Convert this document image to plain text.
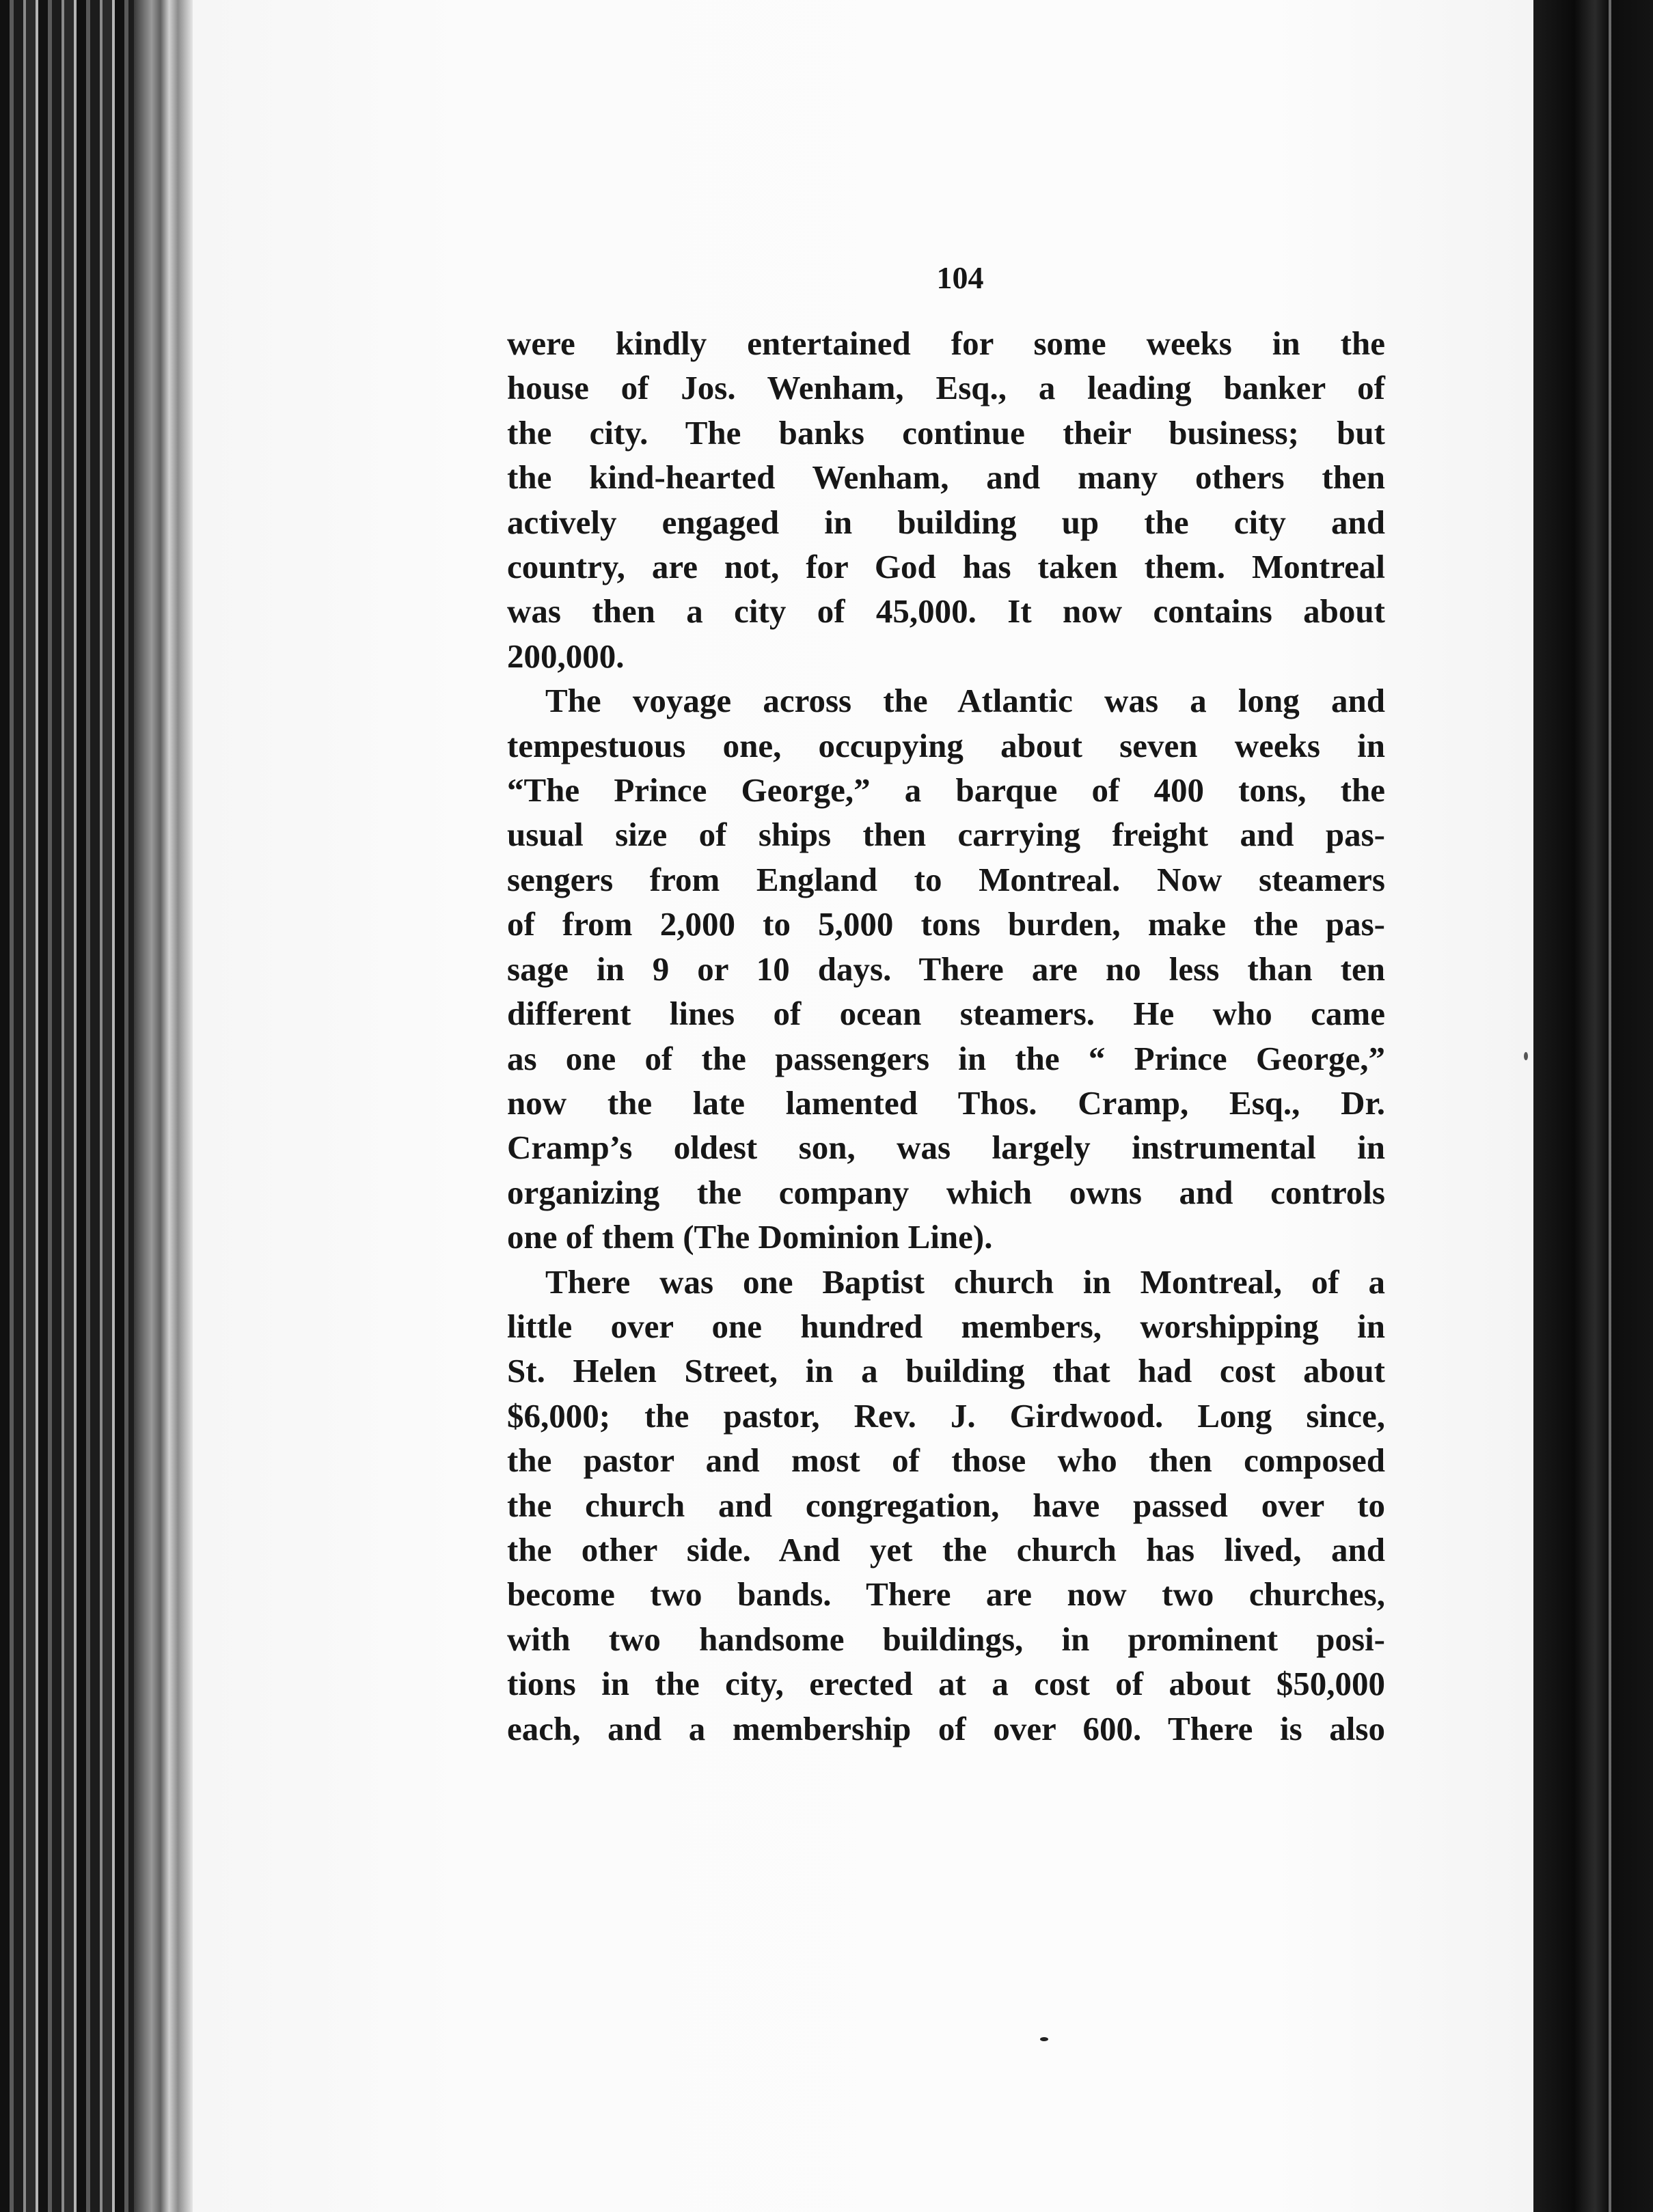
104

were kindly entertained for some weeks in the
house of Jos. Wenham, Esq., a leading banker of
the city. The banks continue their business; but
the kind-hearted Wenham, and many others then
actively engaged in building up the city and
country, are not, for God has taken them. Montreal
was then a city of 45,000. It now contains about
200,000.

The voyage across the Atlantic was a long and
tempestuous one, occupying about seven weeks in
“The Prince George,” a barque of 400 tons, the
usual size of ships then carrying freight and pas-
sengers from England to Montreal. Now steamers
of from 2,000 to 5,000 tons burden, make the pas-
sage in 9 or 10 days. There are no less than ten
different lines of ocean steamers. He who came
as one of the passengers in the “ Prince George,”
now the late lamented Thos. Cramp, Esq., Dr.
Cramp’s oldest son, was largely instrumental in
organizing the company which owns and controls
one of them (The Dominion Line).

There was one Baptist church in Montreal, of a
little over one hundred members, worshipping in
St. Helen Street, in a building that had cost about
$6,000; the pastor, Rev. J. Girdwood. Long since,
the pastor and most of those who then composed
the church and congregation, have passed over to
the other side. And yet the church has lived, and
become two bands. There are now two churches,
with two handsome buildings, in prominent posi-
tions in the city, erected at a cost of about $50,000
each, and a membership of over 600. There is also
